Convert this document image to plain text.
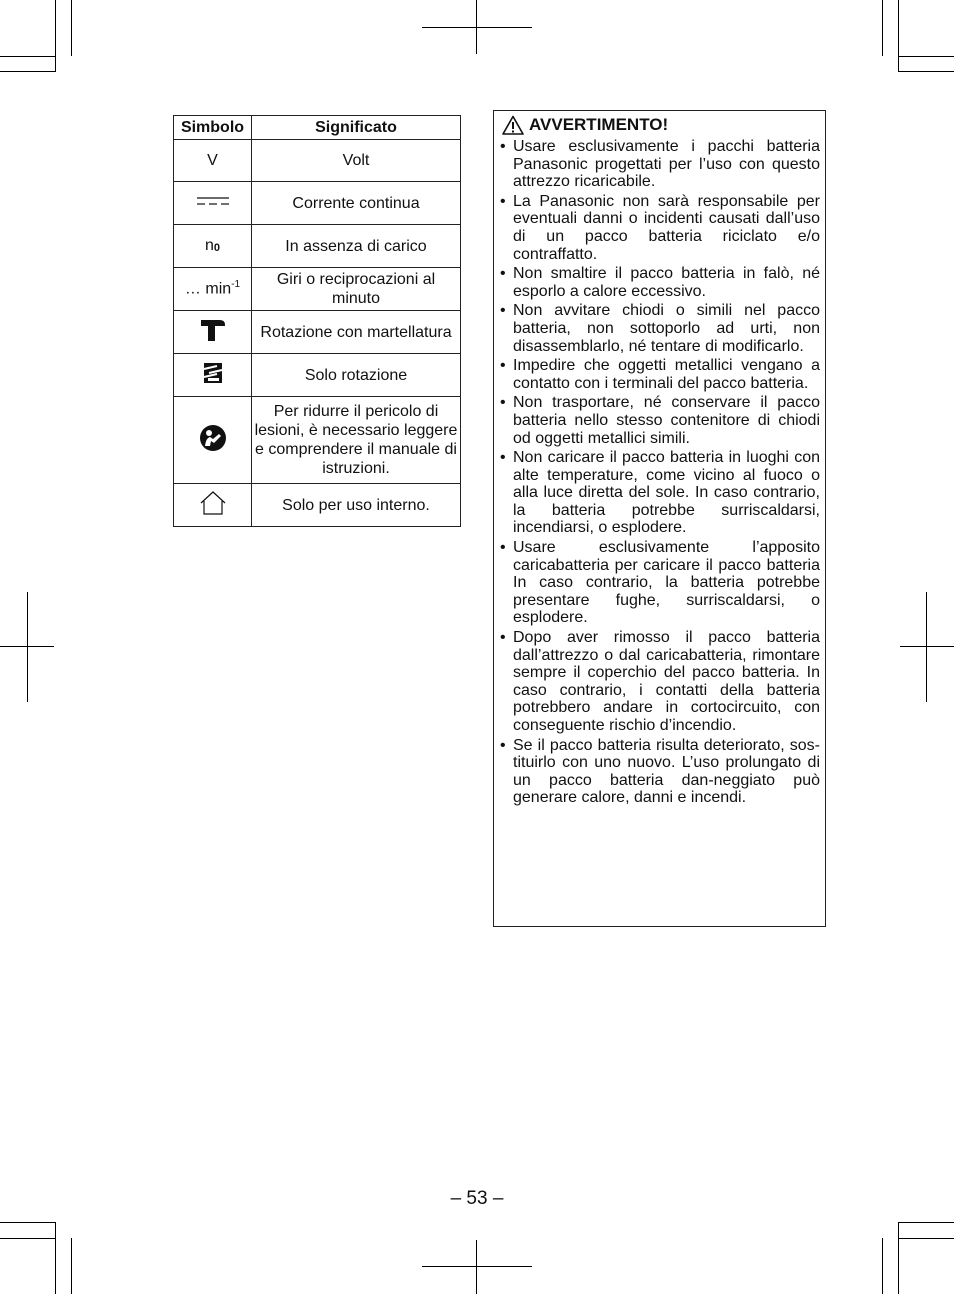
Simbolo	Significato
V	Volt
	Corrente continua
n0	In assenza di carico
… $\min^{-1}$	Giri o reciprocazioni al minuto
	Rotazione con martellatura
	Solo rotazione
	Per ridurre il pericolo di lesioni, è necessario leggere e comprendere il manuale di istruzioni.
	Solo per uso interno.
AVVERTIMENTO!
• Usare esclusivamente i pacchi batteria Panasonic progettati per l’uso con questo attrezzo ricaricabile.
• La Panasonic non sarà responsabile per eventuali danni o incidenti causati dall’uso di un pacco batteria riciclato e/o contraffatto.
• Non smaltire il pacco batteria in falò, né esporlo a calore eccessivo.
• Non avvitare chiodi o simili nel pacco batteria, non sottoporlo ad urti, non disassemblarlo, né tentare di modificarlo.
• Impedire che oggetti metallici vengano a contatto con i terminali del pacco batteria.
• Non trasportare, né conservare il pacco batteria nello stesso contenitore di chiodi od oggetti metallici simili.
• Non caricare il pacco batteria in luoghi con alte temperature, come vicino al fuoco o alla luce diretta del sole. In caso contrario, la batteria potrebbe surriscaldarsi, incendiarsi, o esplodere.
• Usare esclusivamente l’apposito caricabatteria per caricare il pacco batteria In caso contrario, la batteria potrebbe presentare fughe, surriscaldarsi, o esplodere.
• Dopo aver rimosso il pacco batteria dall’attrezzo o dal caricabatteria, rimontare sempre il coperchio del pacco batteria. In caso contrario, i contatti della batteria potrebbero andare in cortocircuito, con conseguente rischio d’incendio.
• Se il pacco batteria risulta deteriorato, sos-tituirlo con uno nuovo. L’uso prolungato di un pacco batteria dan-neggiato può generare calore, danni e incendi.
– 53 –
